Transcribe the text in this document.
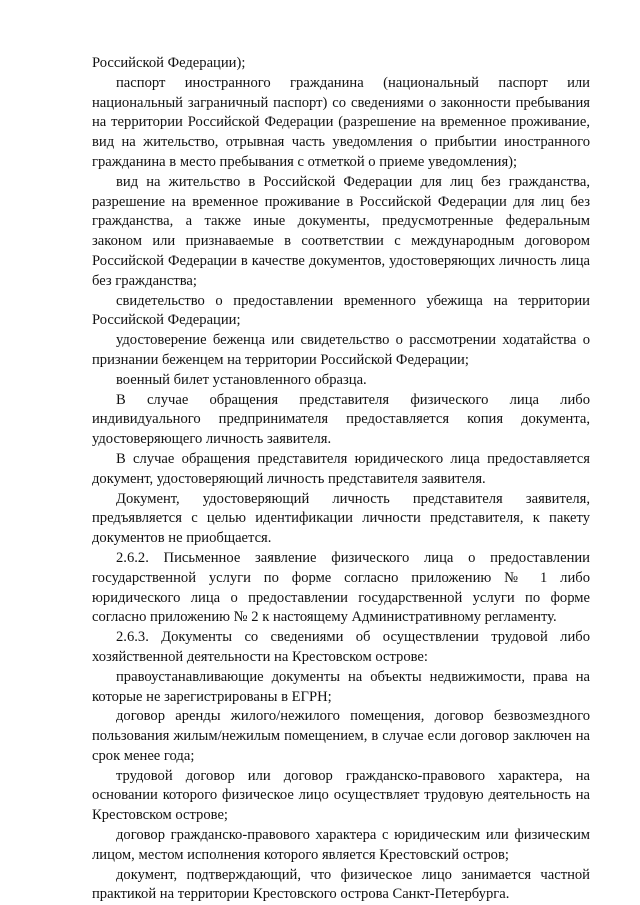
Российской Федерации);

паспорт иностранного гражданина (национальный паспорт или национальный заграничный паспорт) со сведениями о законности пребывания на территории Российской Федерации (разрешение на временное проживание, вид на жительство, отрывная часть уведомления о прибытии иностранного гражданина в место пребывания с отметкой о приеме уведомления);

вид на жительство в Российской Федерации для лиц без гражданства, разрешение на временное проживание в Российской Федерации для лиц без гражданства, а также иные документы, предусмотренные федеральным законом или признаваемые в соответствии с международным договором Российской Федерации в качестве документов, удостоверяющих личность лица без гражданства;

свидетельство о предоставлении временного убежища на территории Российской Федерации;

удостоверение беженца или свидетельство о рассмотрении ходатайства о признании беженцем на территории Российской Федерации;

военный билет установленного образца.

В случае обращения представителя физического лица либо индивидуального предпринимателя предоставляется копия документа, удостоверяющего личность заявителя.

В случае обращения представителя юридического лица предоставляется документ, удостоверяющий личность представителя заявителя.

Документ, удостоверяющий личность представителя заявителя, предъявляется с целью идентификации личности представителя, к пакету документов не приобщается.

2.6.2. Письменное заявление физического лица о предоставлении государственной услуги по форме согласно приложению № 1 либо юридического лица о предоставлении государственной услуги по форме согласно приложению № 2 к настоящему Административному регламенту.

2.6.3. Документы со сведениями об осуществлении трудовой либо хозяйственной деятельности на Крестовском острове:

правоустанавливающие документы на объекты недвижимости, права на которые не зарегистрированы в ЕГРН;

договор аренды жилого/нежилого помещения, договор безвозмездного пользования жилым/нежилым помещением, в случае если договор заключен на срок менее года;

трудовой договор или договор гражданско-правового характера, на основании которого физическое лицо осуществляет трудовую деятельность на Крестовском острове;

договор гражданско-правового характера с юридическим или физическим лицом, местом исполнения которого является Крестовский остров;

документ, подтверждающий, что физическое лицо занимается частной практикой на территории Крестовского острова Санкт-Петербурга.
